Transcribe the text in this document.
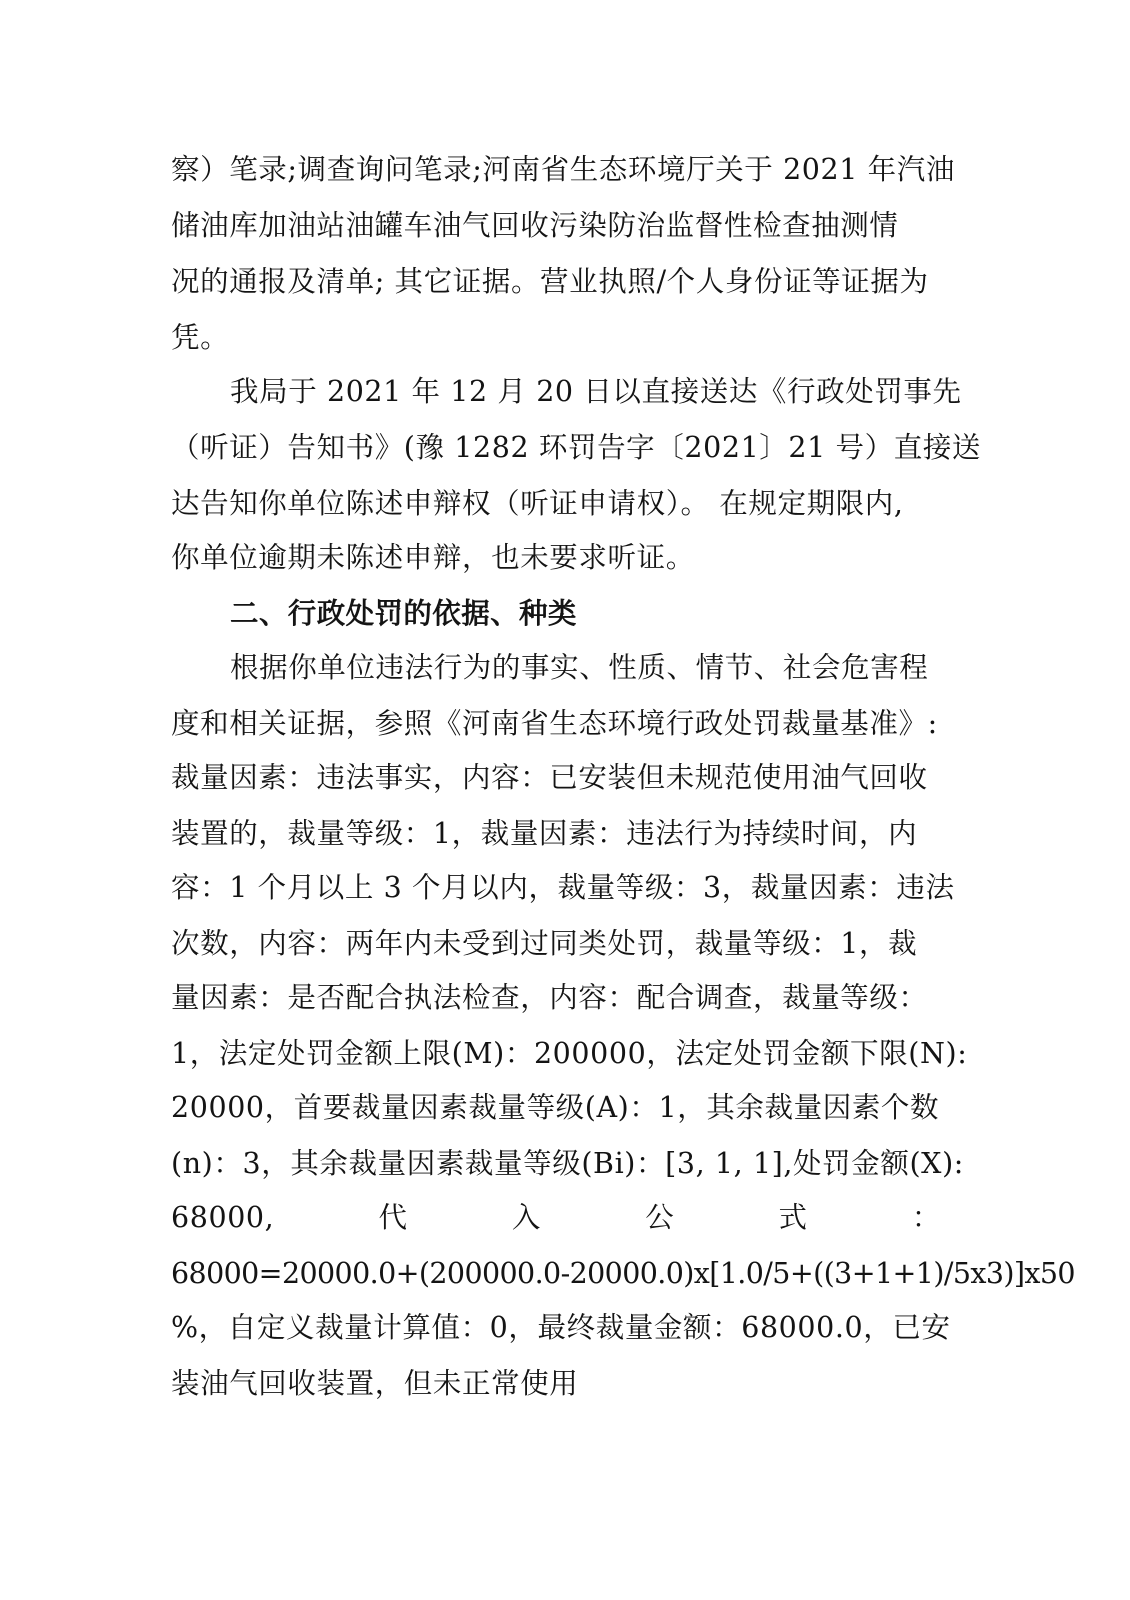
察）笔录;调查询问笔录;河南省生态环境厅关于 2021 年汽油
储油库加油站油罐车油气回收污染防治监督性检查抽测情
况的通报及清单; 其它证据。营业执照/个人身份证等证据为
凭。
我局于 2021 年 12 月 20 日以直接送达《行政处罚事先
（听证）告知书》(豫 1282 环罚告字〔2021〕21 号）直接送
达告知你单位陈述申辩权（听证申请权）。 在规定期限内,
你单位逾期未陈述申辩，也未要求听证。
二、行政处罚的依据、种类
根据你单位违法行为的事实、性质、情节、社会危害程
度和相关证据，参照《河南省生态环境行政处罚裁量基准》:
裁量因素：违法事实，内容：已安装但未规范使用油气回收
装置的，裁量等级：1，裁量因素：违法行为持续时间，内
容：1 个月以上 3 个月以内，裁量等级：3，裁量因素：违法
次数，内容：两年内未受到过同类处罚，裁量等级：1，裁
量因素：是否配合执法检查，内容：配合调查，裁量等级：
1，法定处罚金额上限(M)：200000，法定处罚金额下限(N):
20000，首要裁量因素裁量等级(A)：1，其余裁量因素个数
(n)：3，其余裁量因素裁量等级(Bi)：[3, 1, 1],处罚金额(X):
68000,	代	入	公	式	：
68000=20000.0+(200000.0-20000.0)x[1.0/5+((3+1+1)/5x3)]x50
%，自定义裁量计算值：0，最终裁量金额：68000.0，已安
装油气回收装置，但未正常使用
